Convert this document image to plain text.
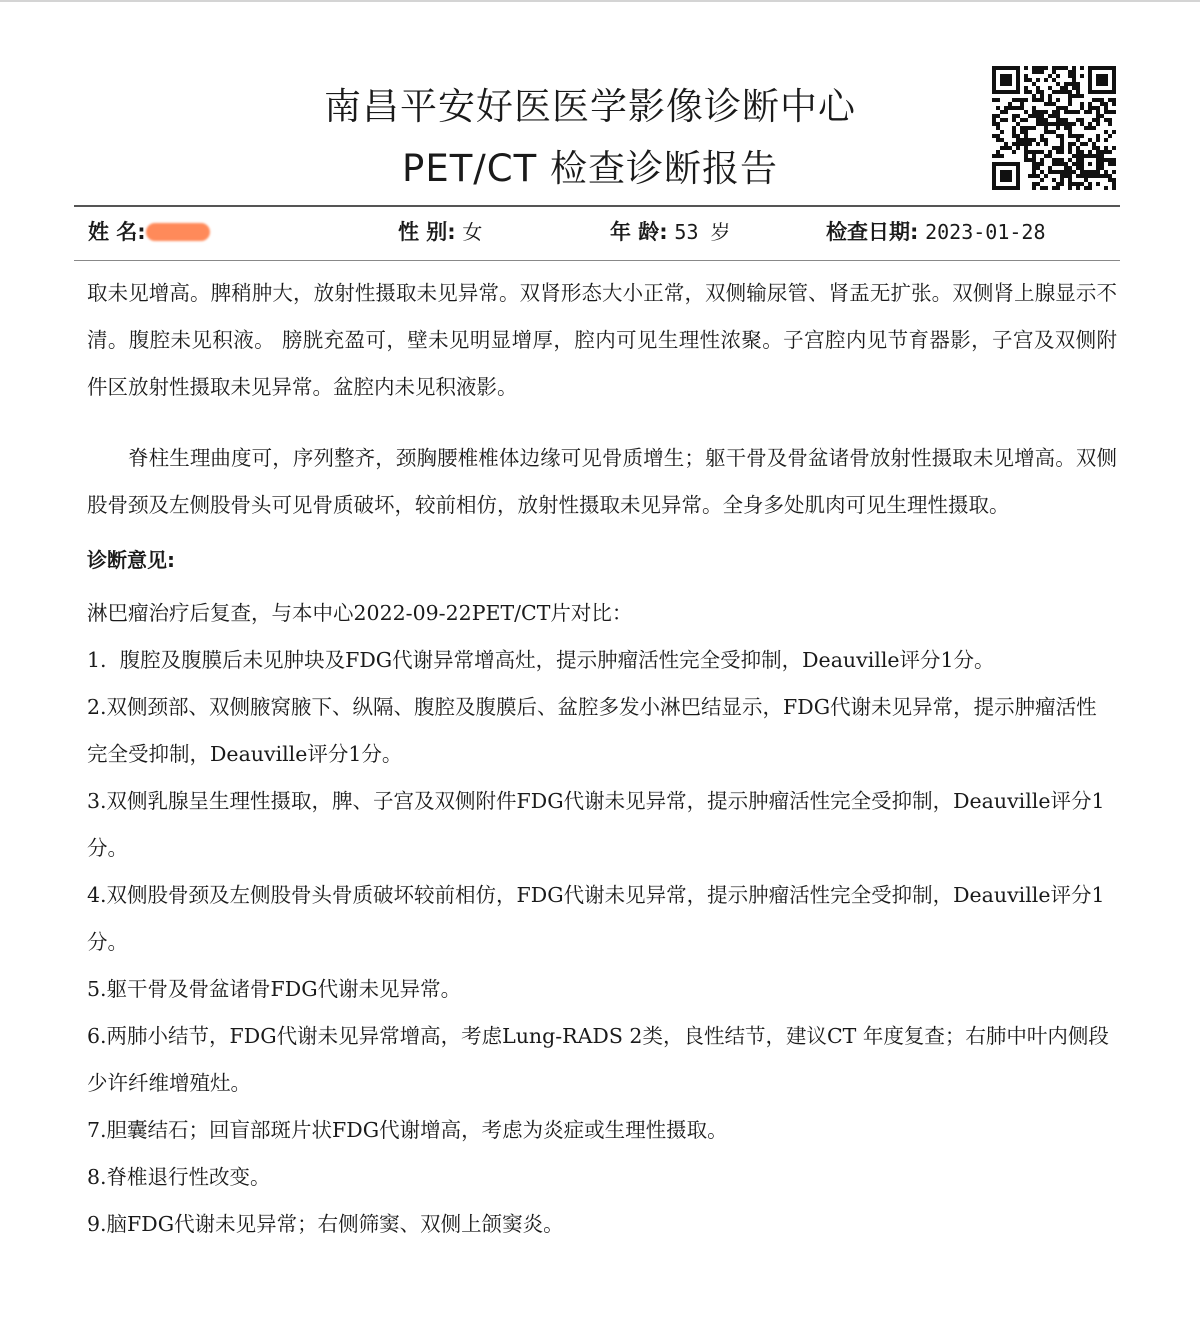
南昌平安好医医学影像诊断中心
PET/CT 检查诊断报告
姓 名:	性 别: 女	年 龄: 53 岁	检查日期: 2023-01-28

取未见增高。脾稍肿大，放射性摄取未见异常。双肾形态大小正常，双侧输尿管、肾盂无扩张。双侧肾上腺显示不清。腹腔未见积液。 膀胱充盈可，壁未见明显增厚，腔内可见生理性浓聚。子宫腔内见节育器影，子宫及双侧附件区放射性摄取未见异常。盆腔内未见积液影。

脊柱生理曲度可，序列整齐，颈胸腰椎椎体边缘可见骨质增生；躯干骨及骨盆诸骨放射性摄取未见增高。双侧股骨颈及左侧股骨头可见骨质破坏，较前相仿，放射性摄取未见异常。全身多处肌肉可见生理性摄取。

诊断意见:

淋巴瘤治疗后复查，与本中心2022-09-22PET/CT片对比：

1.  腹腔及腹膜后未见肿块及FDG代谢异常增高灶，提示肿瘤活性完全受抑制，Deauville评分1分。

2.双侧颈部、双侧腋窝腋下、纵隔、腹腔及腹膜后、盆腔多发小淋巴结显示，FDG代谢未见异常，提示肿瘤活性完全受抑制，Deauville评分1分。

3.双侧乳腺呈生理性摄取，脾、子宫及双侧附件FDG代谢未见异常，提示肿瘤活性完全受抑制，Deauville评分1分。

4.双侧股骨颈及左侧股骨头骨质破坏较前相仿，FDG代谢未见异常，提示肿瘤活性完全受抑制，Deauville评分1分。

5.躯干骨及骨盆诸骨FDG代谢未见异常。

6.两肺小结节，FDG代谢未见异常增高，考虑Lung-RADS 2类，良性结节，建议CT 年度复查；右肺中叶内侧段少许纤维增殖灶。

7.胆囊结石；回盲部斑片状FDG代谢增高，考虑为炎症或生理性摄取。

8.脊椎退行性改变。

9.脑FDG代谢未见异常；右侧筛窦、双侧上颌窦炎。
